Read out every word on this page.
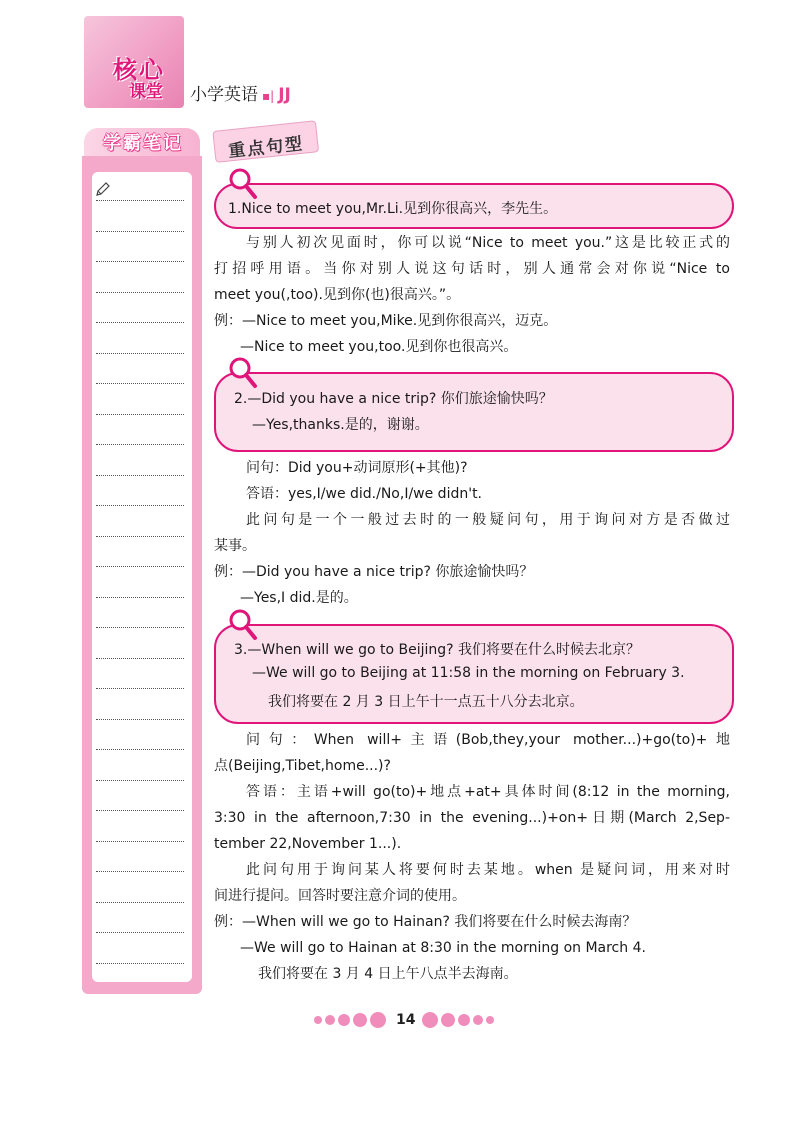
核心
课堂	小学英语 ▪| JJ
学霸笔记	重点句型
1.Nice to meet you,Mr.Li.见到你很高兴，李先生。
与别人初次见面时，你可以说“Nice to meet you.”这是比较正式的
打招呼用语。当你对别人说这句话时，别人通常会对你说“Nice to
meet you(,too).见到你(也)很高兴。”。
例：—Nice to meet you,Mike.见到你很高兴，迈克。
—Nice to meet you,too.见到你也很高兴。
2.—Did you have a nice trip? 你们旅途愉快吗？
—Yes,thanks.是的，谢谢。
问句：Did you+动词原形(+其他)?
答语：yes,I/we did./No,I/we didn't.
此问句是一个一般过去时的一般疑问句，用于询问对方是否做过
某事。
例：—Did you have a nice trip? 你旅途愉快吗？
—Yes,I did.是的。
3.—When will we go to Beijing? 我们将要在什么时候去北京？
—We will go to Beijing at 11:58 in the morning on February 3.
我们将要在 2 月 3 日上午十一点五十八分去北京。
问句：When will+主语(Bob,they,your mother...)+go(to)+地
点(Beijing,Tibet,home...)?
答语：主语+will go(to)+地点+at+具体时间(8:12 in the morning,
3:30 in the afternoon,7:30 in the evening...)+on+日期(March 2,Sep-
tember 22,November 1...).
此问句用于询问某人将要何时去某地。when 是疑问词，用来对时
间进行提问。回答时要注意介词的使用。
例：—When will we go to Hainan? 我们将要在什么时候去海南？
—We will go to Hainan at 8:30 in the morning on March 4.
我们将要在 3 月 4 日上午八点半去海南。
14
